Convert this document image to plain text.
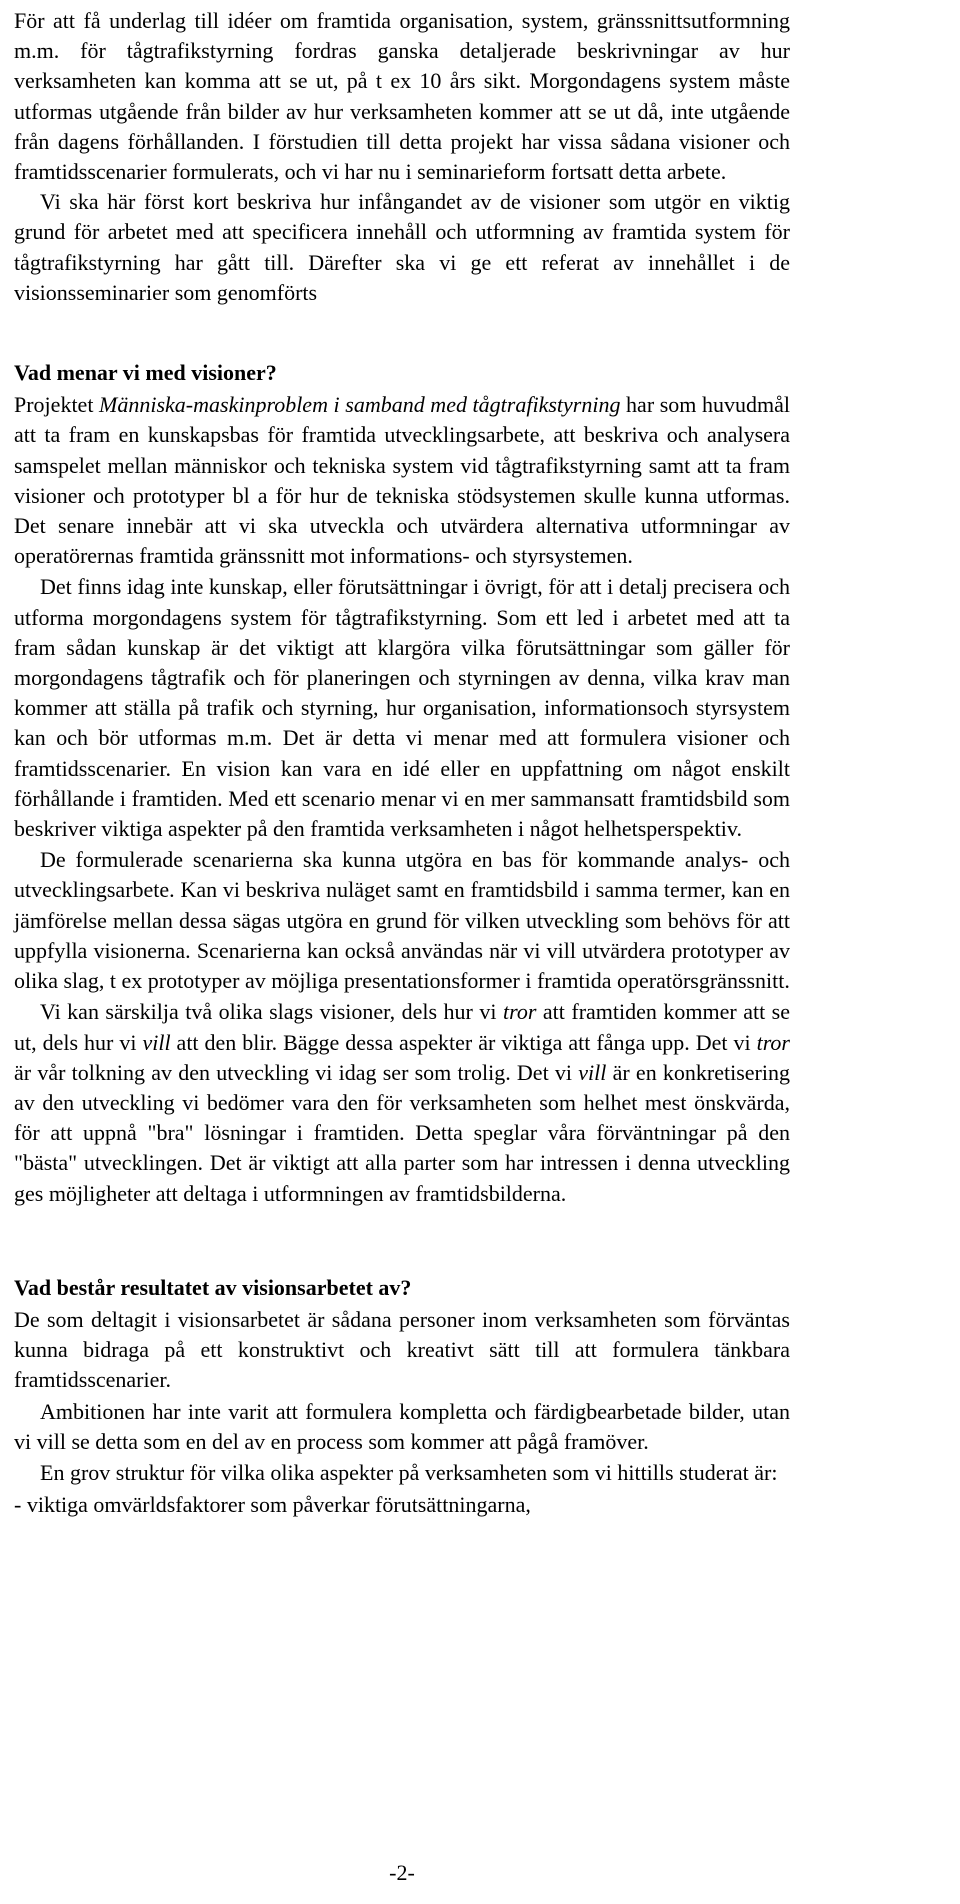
För att få underlag till idéer om framtida organisation, system, gränssnittsutformning m.m. för tågtrafikstyrning fordras ganska detaljerade beskrivningar av hur verksamheten kan komma att se ut, på t ex 10 års sikt. Morgondagens system måste utformas utgående från bilder av hur verksamheten kommer att se ut då, inte utgående från dagens förhållanden. I förstudien till detta projekt har vissa sådana visioner och framtidsscenarier formulerats, och vi har nu i seminarieform fortsatt detta arbete.

Vi ska här först kort beskriva hur infångandet av de visioner som utgör en viktig grund för arbetet med att specificera innehåll och utformning av framtida system för tågtrafikstyrning har gått till. Därefter ska vi ge ett referat av innehållet i de visionsseminarier som genomförts

Vad menar vi med visioner?

Projektet Människa-maskinproblem i samband med tågtrafikstyrning har som huvudmål att ta fram en kunskapsbas för framtida utvecklingsarbete, att beskriva och analysera samspelet mellan människor och tekniska system vid tågtrafikstyrning samt att ta fram visioner och prototyper bl a för hur de tekniska stödsystemen skulle kunna utformas. Det senare innebär att vi ska utveckla och utvärdera alternativa utformningar av operatörernas framtida gränssnitt mot informations- och styrsystemen.

Det finns idag inte kunskap, eller förutsättningar i övrigt, för att i detalj precisera och utforma morgondagens system för tågtrafikstyrning. Som ett led i arbetet med att ta fram sådan kunskap är det viktigt att klargöra vilka förutsättningar som gäller för morgondagens tågtrafik och för planeringen och styrningen av denna, vilka krav man kommer att ställa på trafik och styrning, hur organisation, informationsoch styrsystem kan och bör utformas m.m. Det är detta vi menar med att formulera visioner och framtidsscenarier. En vision kan vara en idé eller en uppfattning om något enskilt förhållande i framtiden. Med ett scenario menar vi en mer sammansatt framtidsbild som beskriver viktiga aspekter på den framtida verksamheten i något helhetsperspektiv.

De formulerade scenarierna ska kunna utgöra en bas för kommande analys- och utvecklingsarbete. Kan vi beskriva nuläget samt en framtidsbild i samma termer, kan en jämförelse mellan dessa sägas utgöra en grund för vilken utveckling som behövs för att uppfylla visionerna. Scenarierna kan också användas när vi vill utvärdera prototyper av olika slag, t ex prototyper av möjliga presentationsformer i framtida operatörsgränssnitt.

Vi kan särskilja två olika slags visioner, dels hur vi tror att framtiden kommer att se ut, dels hur vi vill att den blir. Bägge dessa aspekter är viktiga att fånga upp. Det vi tror är vår tolkning av den utveckling vi idag ser som trolig. Det vi vill är en konkretisering av den utveckling vi bedömer vara den för verksamheten som helhet mest önskvärda, för att uppnå "bra" lösningar i framtiden. Detta speglar våra förväntningar på den "bästa" utvecklingen. Det är viktigt att alla parter som har intressen i denna utveckling ges möjligheter att deltaga i utformningen av framtidsbilderna.

Vad består resultatet av visionsarbetet av?

De som deltagit i visionsarbetet är sådana personer inom verksamheten som förväntas kunna bidraga på ett konstruktivt och kreativt sätt till att formulera tänkbara framtidsscenarier.

Ambitionen har inte varit att formulera kompletta och färdigbearbetade bilder, utan vi vill se detta som en del av en process som kommer att pågå framöver.

En grov struktur för vilka olika aspekter på verksamheten som vi hittills studerat är:

- viktiga omvärldsfaktorer som påverkar förutsättningarna,

-2-
